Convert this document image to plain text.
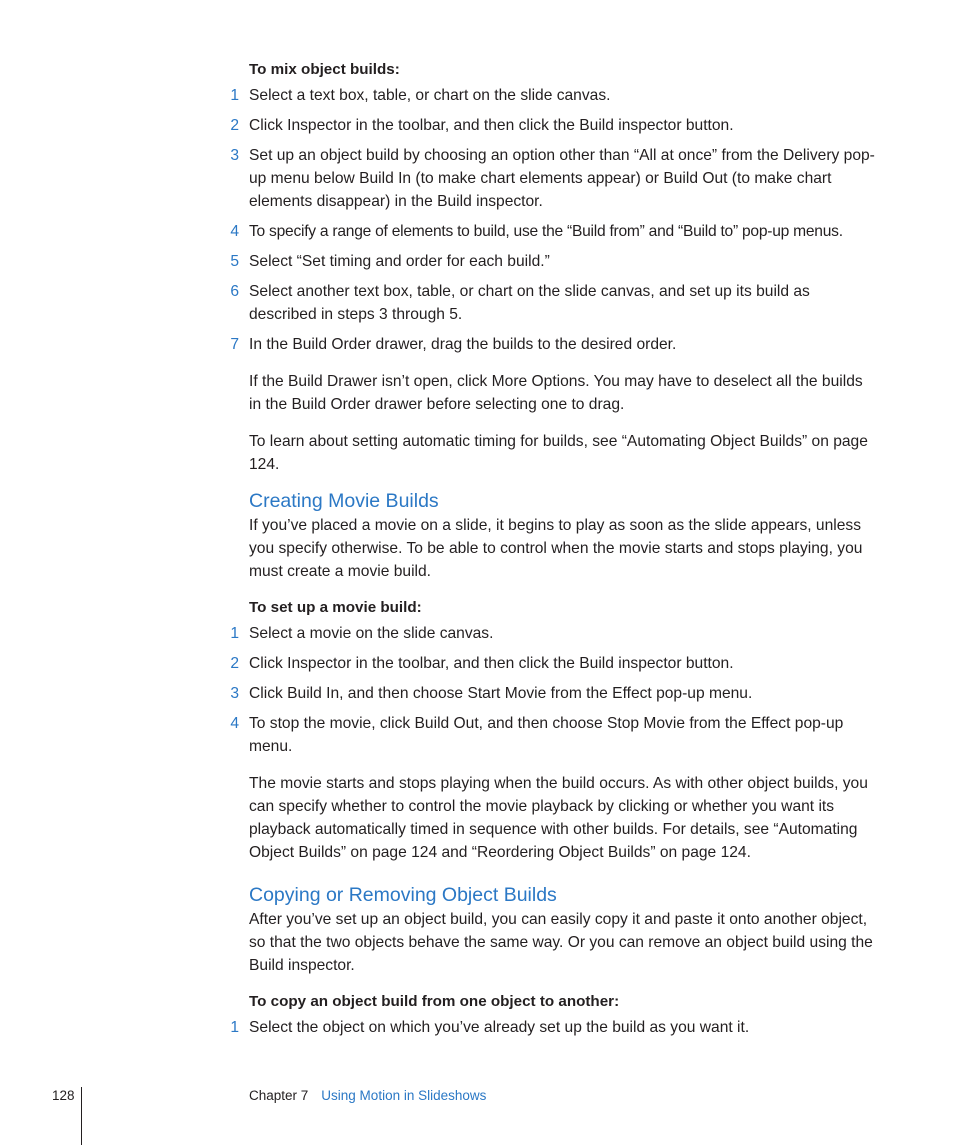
To mix object builds:

1 Select a text box, table, or chart on the slide canvas.
2 Click Inspector in the toolbar, and then click the Build inspector button.
3 Set up an object build by choosing an option other than “All at once” from the Delivery pop-up menu below Build In (to make chart elements appear) or Build Out (to make chart elements disappear) in the Build inspector.
4 To specify a range of elements to build, use the “Build from” and “Build to” pop-up menus.
5 Select “Set timing and order for each build.”
6 Select another text box, table, or chart on the slide canvas, and set up its build as described in steps 3 through 5.
7 In the Build Order drawer, drag the builds to the desired order.

If the Build Drawer isn’t open, click More Options. You may have to deselect all the builds in the Build Order drawer before selecting one to drag.

To learn about setting automatic timing for builds, see “Automating Object Builds” on page 124.

Creating Movie Builds

If you’ve placed a movie on a slide, it begins to play as soon as the slide appears, unless you specify otherwise. To be able to control when the movie starts and stops playing, you must create a movie build.

To set up a movie build:

1 Select a movie on the slide canvas.
2 Click Inspector in the toolbar, and then click the Build inspector button.
3 Click Build In, and then choose Start Movie from the Effect pop-up menu.
4 To stop the movie, click Build Out, and then choose Stop Movie from the Effect pop-up menu.

The movie starts and stops playing when the build occurs. As with other object builds, you can specify whether to control the movie playback by clicking or whether you want its playback automatically timed in sequence with other builds. For details, see “Automating Object Builds” on page 124 and “Reordering Object Builds” on page 124.

Copying or Removing Object Builds

After you’ve set up an object build, you can easily copy it and paste it onto another object, so that the two objects behave the same way. Or you can remove an object build using the Build inspector.

To copy an object build from one object to another:

1 Select the object on which you’ve already set up the build as you want it.
128	Chapter 7 Using Motion in Slideshows
